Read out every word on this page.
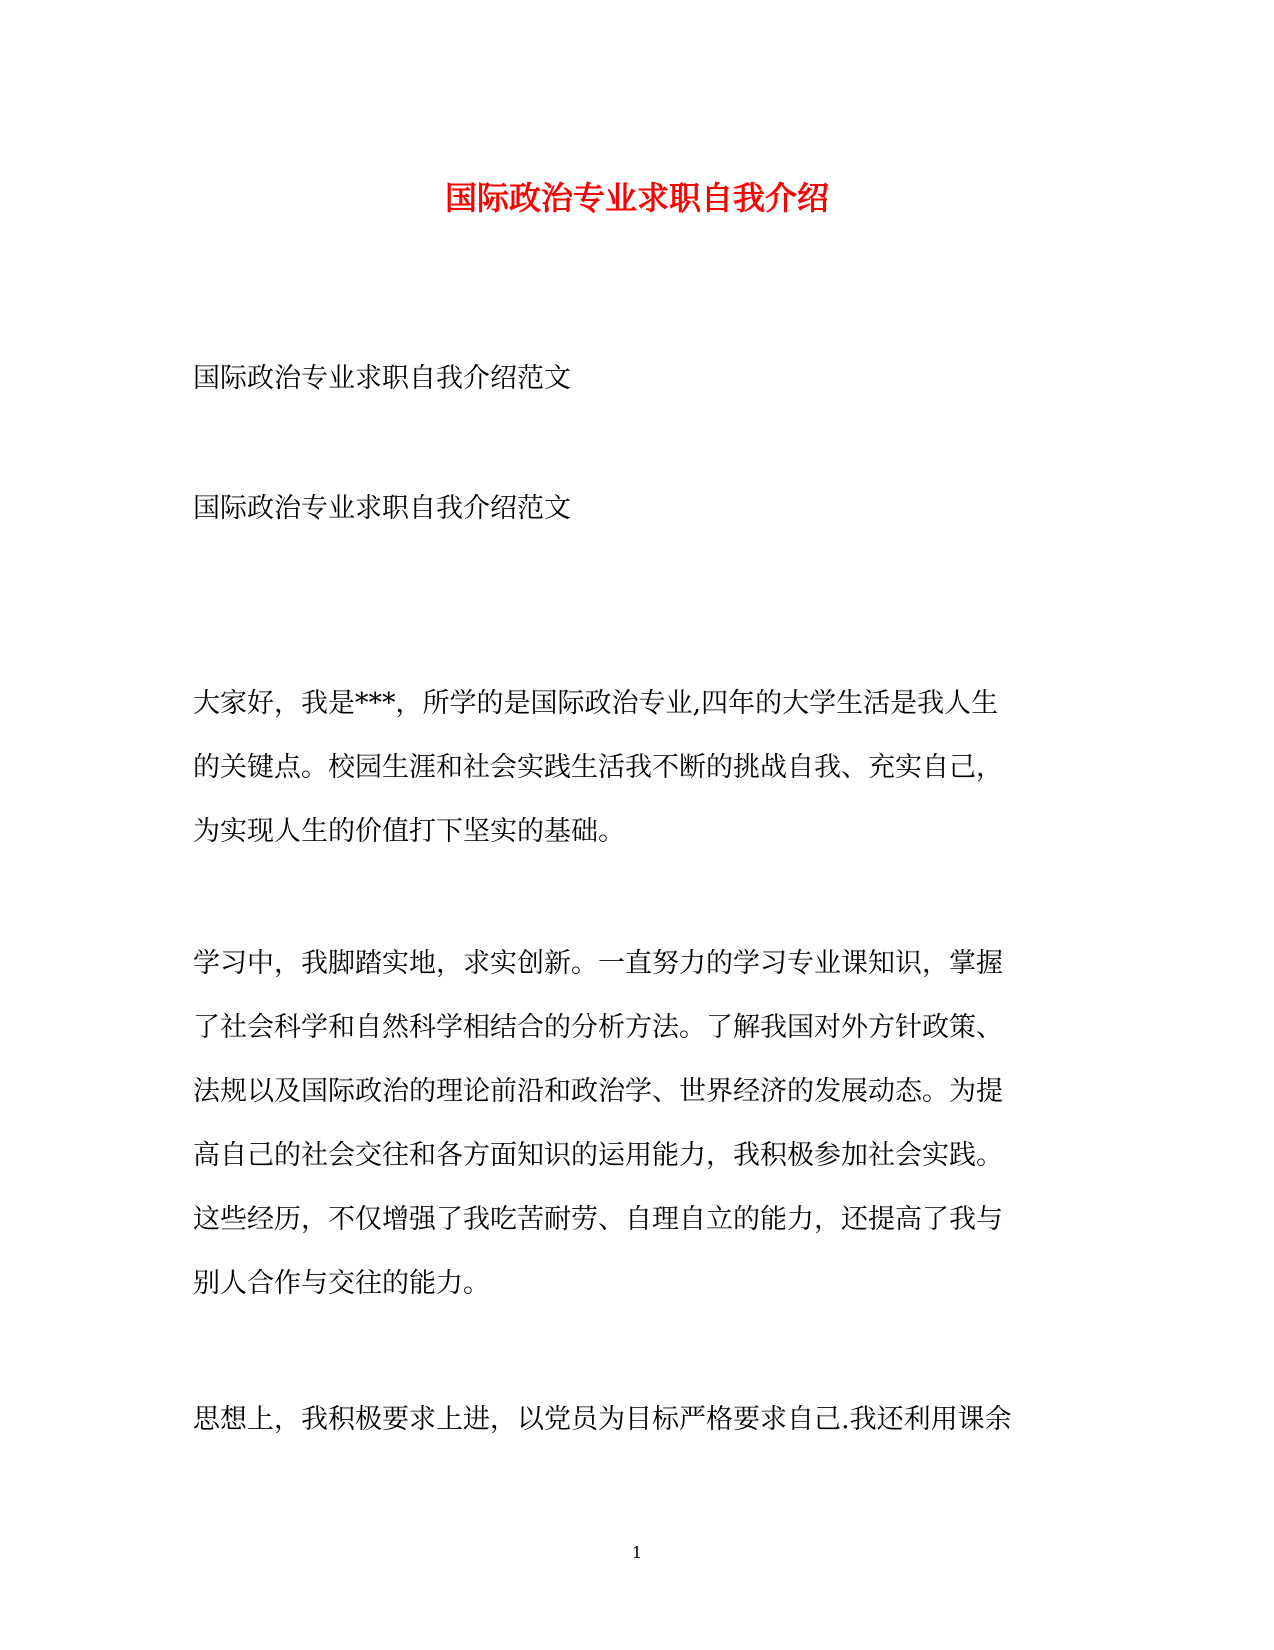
国际政治专业求职自我介绍
国际政治专业求职自我介绍范文
国际政治专业求职自我介绍范文
大家好，我是***，所学的是国际政治专业,四年的大学生活是我人生
的关键点。校园生涯和社会实践生活我不断的挑战自我、充实自己，
为实现人生的价值打下坚实的基础。
学习中，我脚踏实地，求实创新。一直努力的学习专业课知识，掌握
了社会科学和自然科学相结合的分析方法。了解我国对外方针政策、
法规以及国际政治的理论前沿和政治学、世界经济的发展动态。为提
高自己的社会交往和各方面知识的运用能力，我积极参加社会实践。
这些经历，不仅增强了我吃苦耐劳、自理自立的能力，还提高了我与
别人合作与交往的能力。
思想上，我积极要求上进，以党员为目标严格要求自己.我还利用课余
1
